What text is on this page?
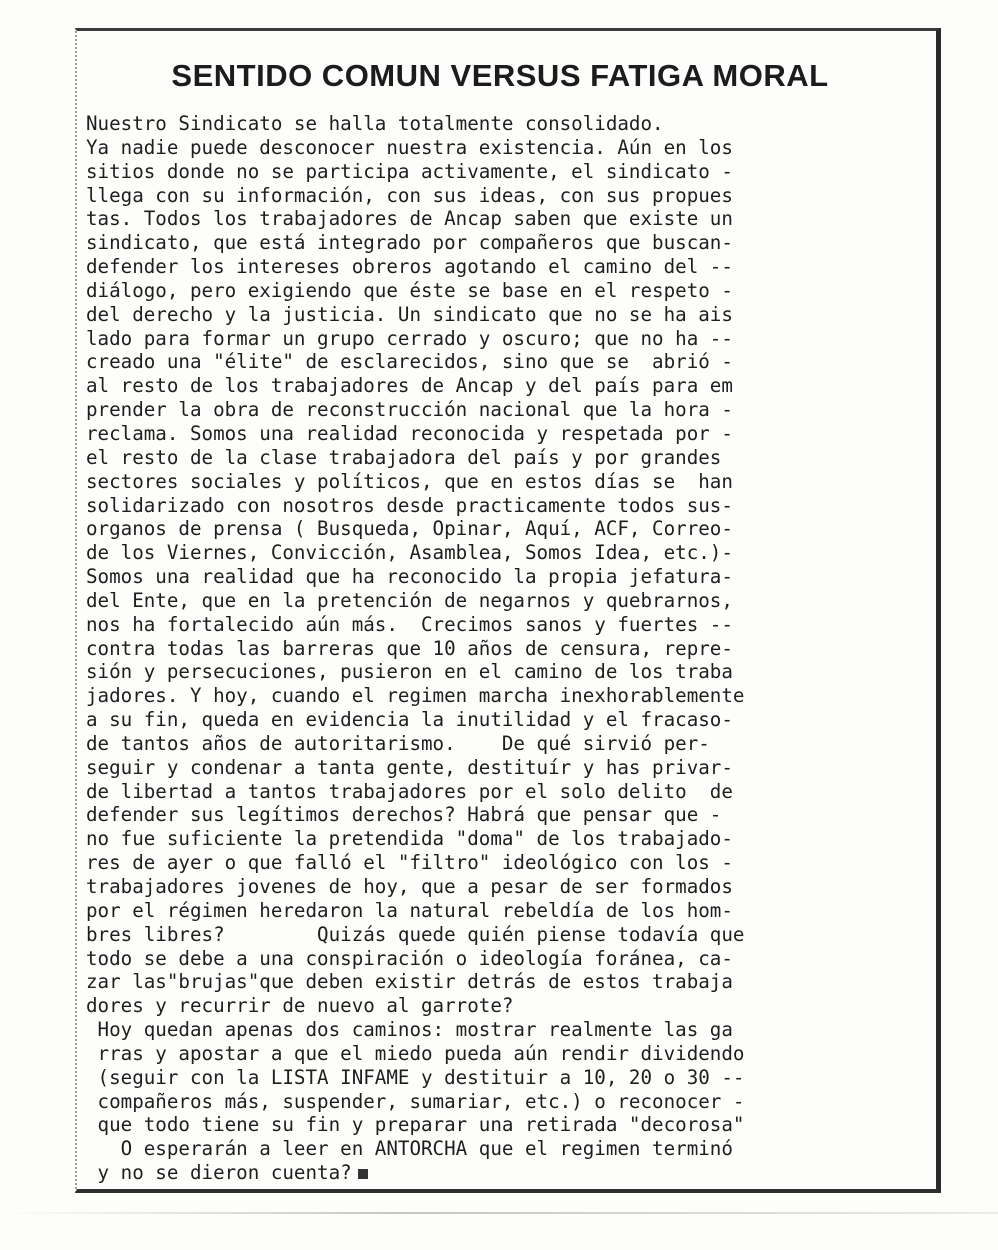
SENTIDO COMUN VERSUS FATIGA MORAL
Nuestro Sindicato se halla totalmente consolidado.
Ya nadie puede desconocer nuestra existencia. Aún en los
sitios donde no se participa activamente, el sindicato -
llega con su información, con sus ideas, con sus propues
tas. Todos los trabajadores de Ancap saben que existe un
sindicato, que está integrado por compañeros que buscan-
defender los intereses obreros agotando el camino del --
diálogo, pero exigiendo que éste se base en el respeto -
del derecho y la justicia. Un sindicato que no se ha ais
lado para formar un grupo cerrado y oscuro; que no ha --
creado una "élite" de esclarecidos, sino que se  abrió -
al resto de los trabajadores de Ancap y del país para em
prender la obra de reconstrucción nacional que la hora -
reclama. Somos una realidad reconocida y respetada por -
el resto de la clase trabajadora del país y por grandes
sectores sociales y políticos, que en estos días se  han
solidarizado con nosotros desde practicamente todos sus-
organos de prensa ( Busqueda, Opinar, Aquí, ACF, Correo-
de los Viernes, Convicción, Asamblea, Somos Idea, etc.)-
Somos una realidad que ha reconocido la propia jefatura-
del Ente, que en la pretención de negarnos y quebrarnos,
nos ha fortalecido aún más.  Crecimos sanos y fuertes --
contra todas las barreras que 10 años de censura, repre-
sión y persecuciones, pusieron en el camino de los traba
jadores. Y hoy, cuando el regimen marcha inexhorablemente
a su fin, queda en evidencia la inutilidad y el fracaso-
de tantos años de autoritarismo.    De qué sirvió per-
seguir y condenar a tanta gente, destituír y has privar-
de libertad a tantos trabajadores por el solo delito  de
defender sus legítimos derechos? Habrá que pensar que -
no fue suficiente la pretendida "doma" de los trabajado-
res de ayer o que falló el "filtro" ideológico con los -
trabajadores jovenes de hoy, que a pesar de ser formados
por el régimen heredaron la natural rebeldía de los hom-
bres libres?        Quizás quede quién piense todavía que
todo se debe a una conspiración o ideología foránea, ca-
zar las"brujas"que deben existir detrás de estos trabaja
dores y recurrir de nuevo al garrote?
Hoy quedan apenas dos caminos: mostrar realmente las ga
rras y apostar a que el miedo pueda aún rendir dividendo
(seguir con la LISTA INFAME y destituir a 10, 20 o 30 --
compañeros más, suspender, sumariar, etc.) o reconocer -
que todo tiene su fin y preparar una retirada "decorosa"
O esperarán a leer en ANTORCHA que el regimen terminó
y no se dieron cuenta?
